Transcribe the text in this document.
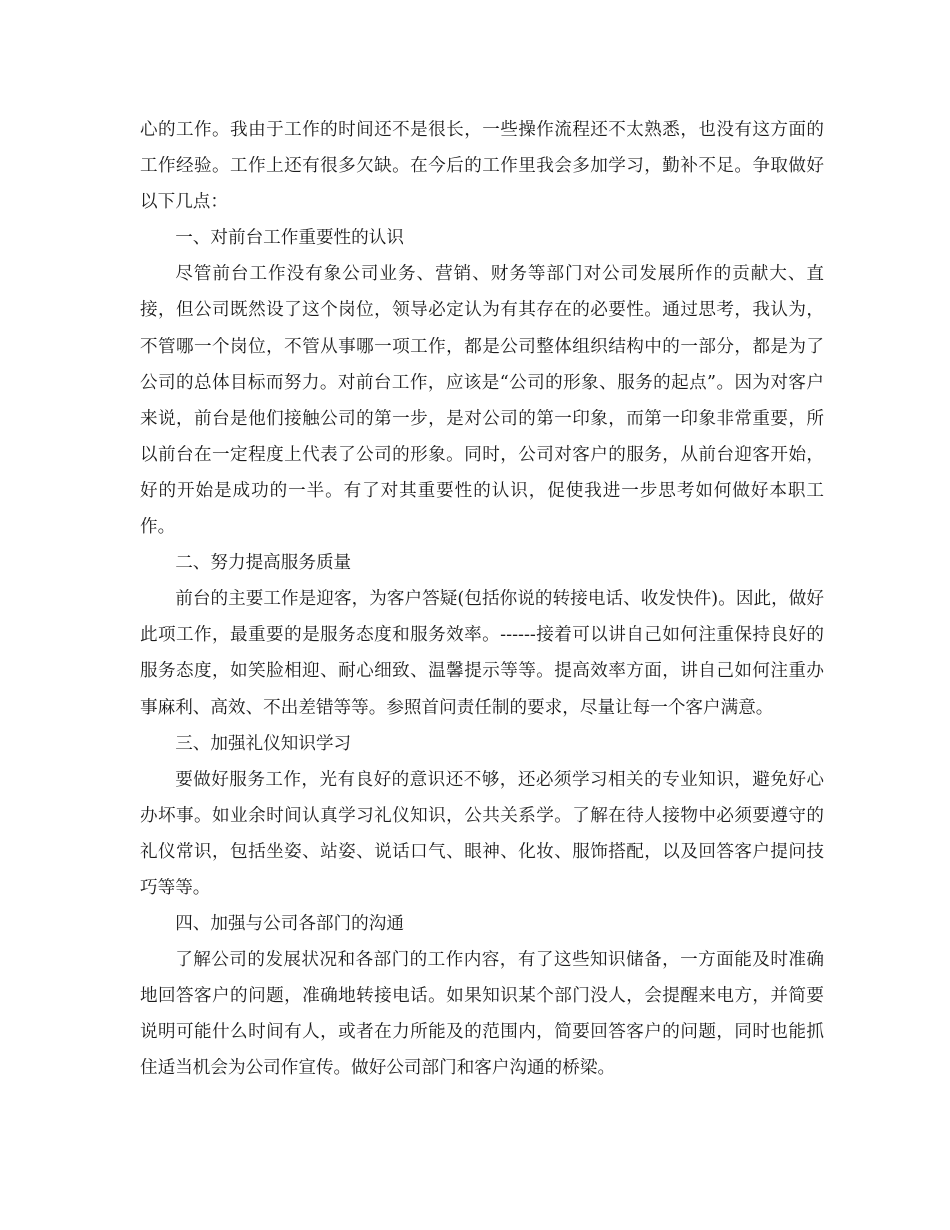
心的工作。我由于工作的时间还不是很长，一些操作流程还不太熟悉，也没有这方面的工作经验。工作上还有很多欠缺。在今后的工作里我会多加学习，勤补不足。争取做好以下几点：

一、对前台工作重要性的认识

尽管前台工作没有象公司业务、营销、财务等部门对公司发展所作的贡献大、直接，但公司既然设了这个岗位，领导必定认为有其存在的必要性。通过思考，我认为，不管哪一个岗位，不管从事哪一项工作，都是公司整体组织结构中的一部分，都是为了公司的总体目标而努力。对前台工作，应该是“公司的形象、服务的起点”。因为对客户来说，前台是他们接触公司的第一步，是对公司的第一印象，而第一印象非常重要，所以前台在一定程度上代表了公司的形象。同时，公司对客户的服务，从前台迎客开始，好的开始是成功的一半。有了对其重要性的认识，促使我进一步思考如何做好本职工作。

二、努力提高服务质量

前台的主要工作是迎客，为客户答疑(包括你说的转接电话、收发快件)。因此，做好此项工作，最重要的是服务态度和服务效率。------接着可以讲自己如何注重保持良好的服务态度，如笑脸相迎、耐心细致、温馨提示等等。提高效率方面，讲自己如何注重办事麻利、高效、不出差错等等。参照首问责任制的要求，尽量让每一个客户满意。

三、加强礼仪知识学习

要做好服务工作，光有良好的意识还不够，还必须学习相关的专业知识，避免好心办坏事。如业余时间认真学习礼仪知识，公共关系学。了解在待人接物中必须要遵守的礼仪常识，包括坐姿、站姿、说话口气、眼神、化妆、服饰搭配，以及回答客户提问技巧等等。

四、加强与公司各部门的沟通

了解公司的发展状况和各部门的工作内容，有了这些知识储备，一方面能及时准确地回答客户的问题，准确地转接电话。如果知识某个部门没人，会提醒来电方，并简要说明可能什么时间有人，或者在力所能及的范围内，简要回答客户的问题，同时也能抓住适当机会为公司作宣传。做好公司部门和客户沟通的桥梁。
